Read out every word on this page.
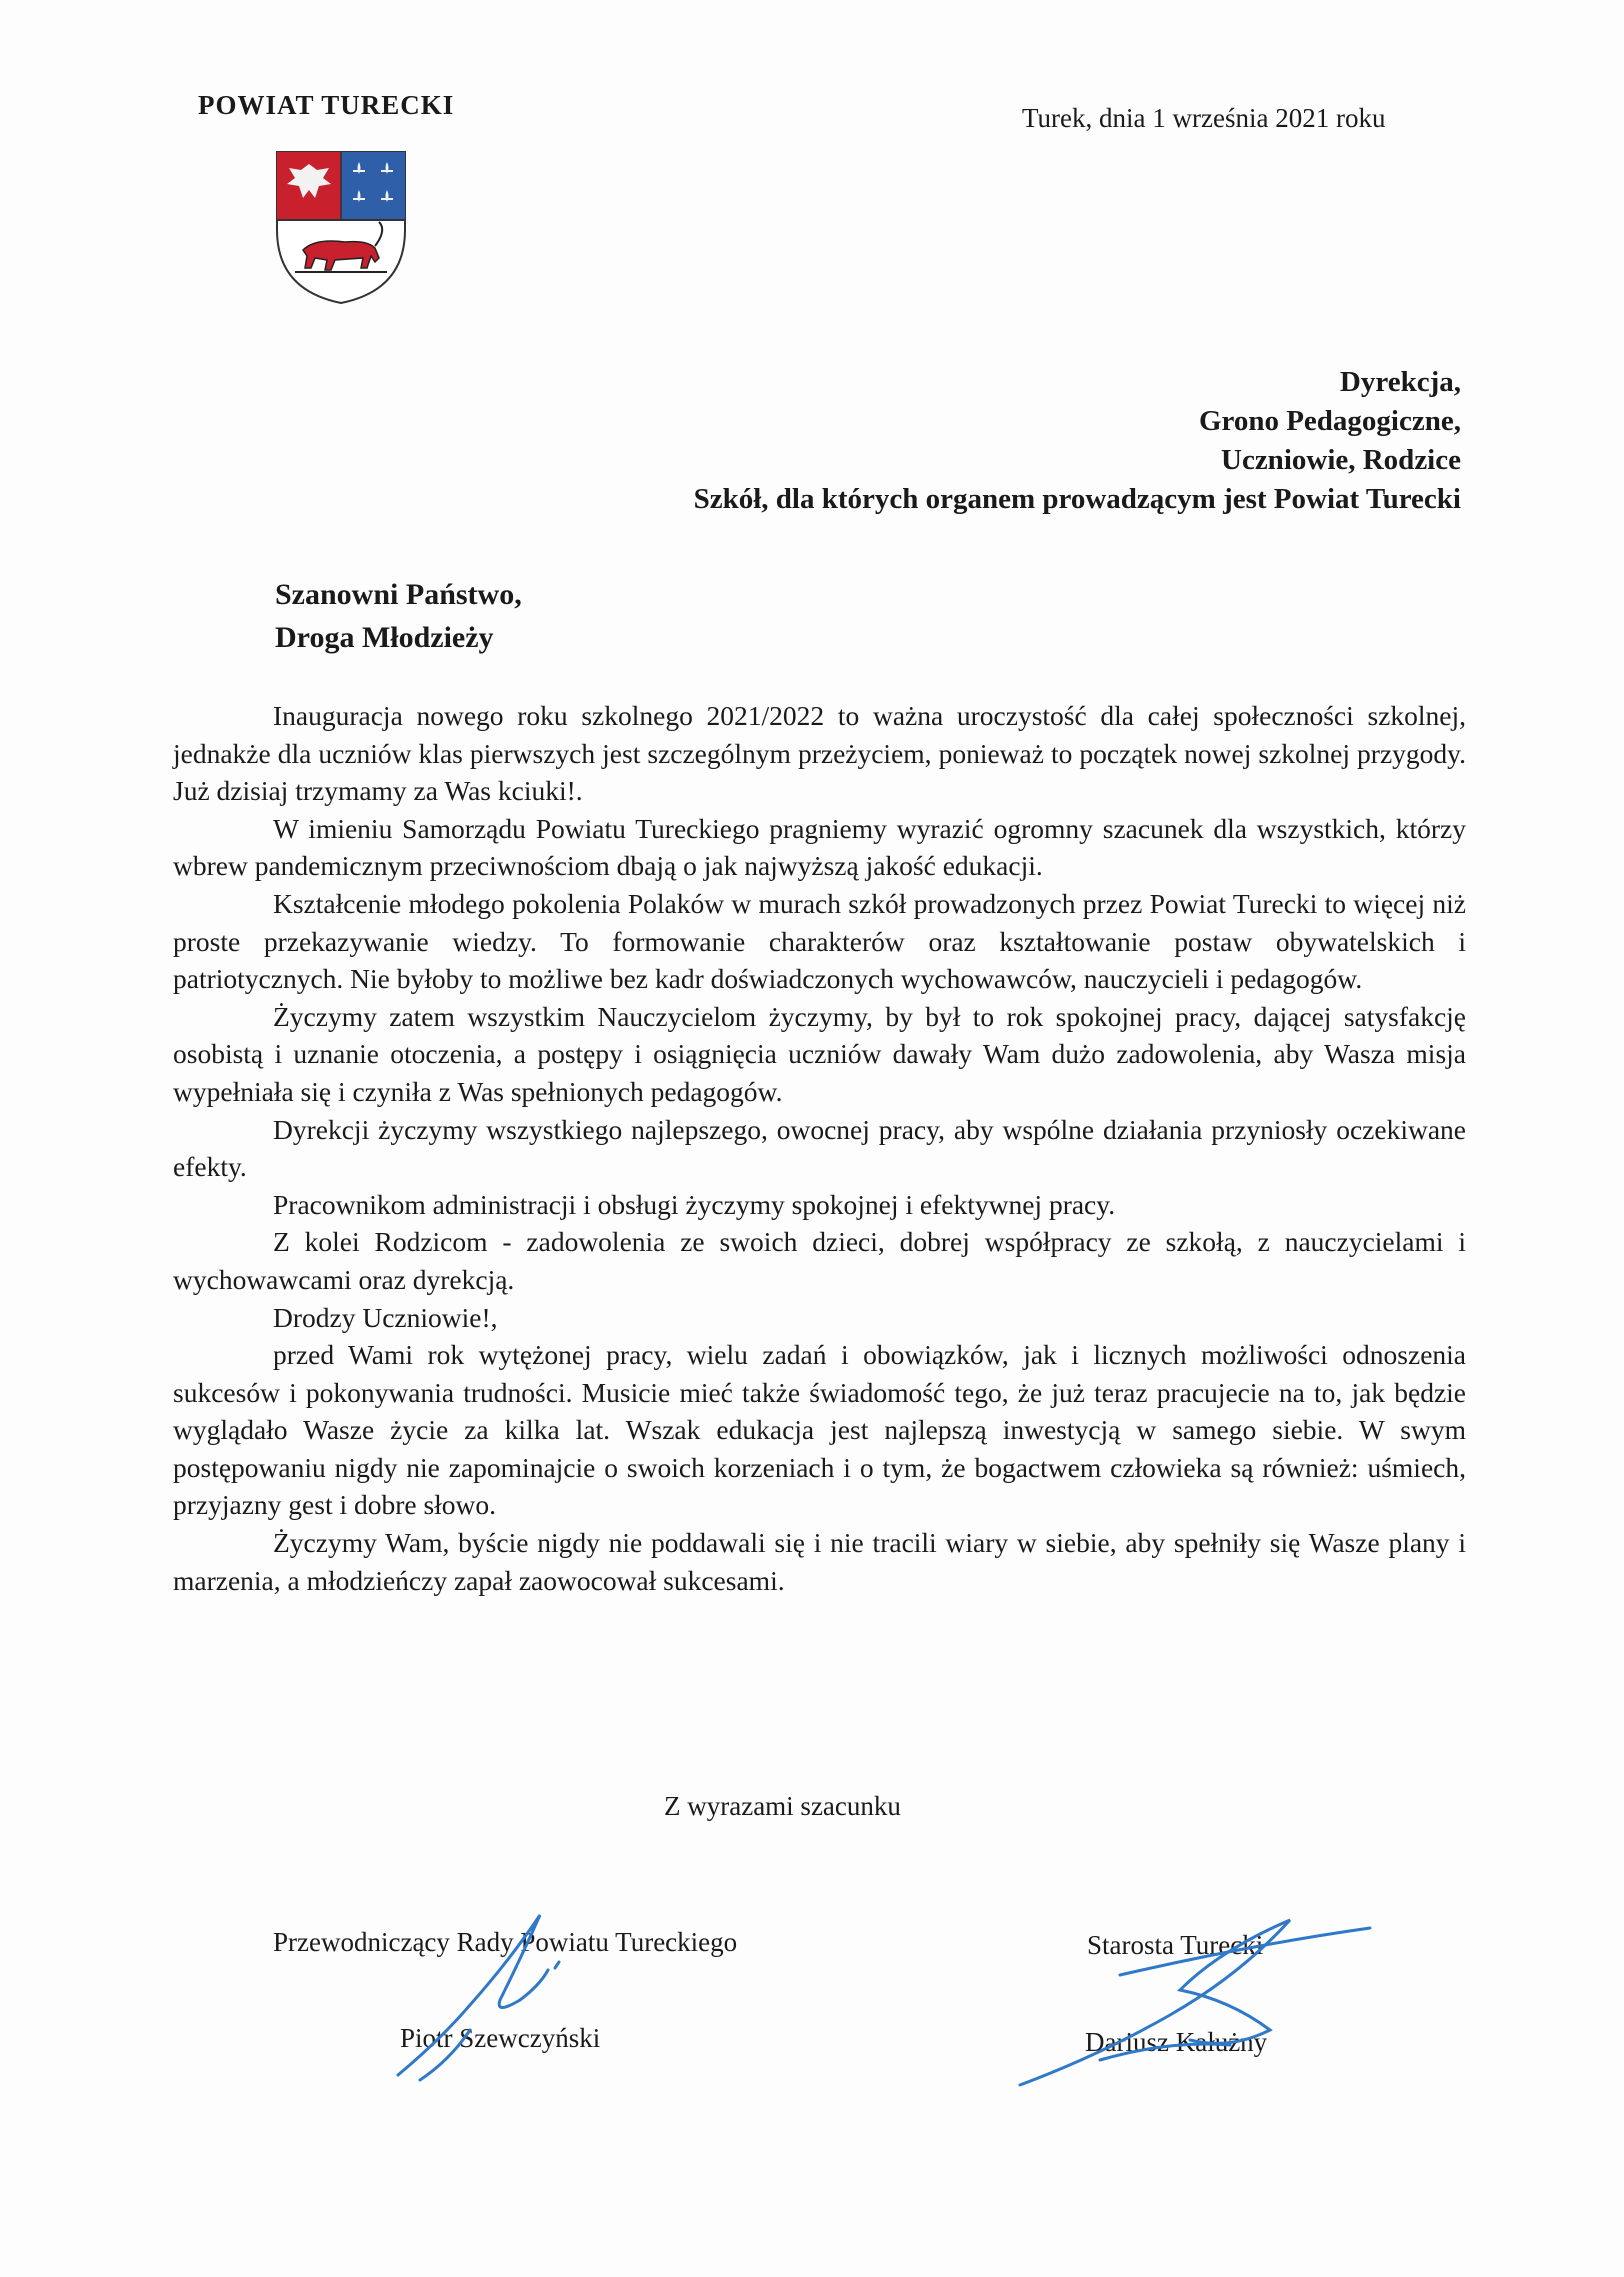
POWIAT TURECKI	Turek, dnia 1 września 2021 roku
Dyrekcja,
Grono Pedagogiczne,
Uczniowie, Rodzice
Szkół, dla których organem prowadzącym jest Powiat Turecki
Szanowni Państwo,
Droga Młodzieży

Inauguracja nowego roku szkolnego 2021/2022 to ważna uroczystość dla całej społeczności szkolnej, jednakże dla uczniów klas pierwszych jest szczególnym przeżyciem, ponieważ to początek nowej szkolnej przygody. Już dzisiaj trzymamy za Was kciuki!.

W imieniu Samorządu Powiatu Tureckiego pragniemy wyrazić ogromny szacunek dla wszystkich, którzy wbrew pandemicznym przeciwnościom dbają o jak najwyższą jakość edukacji.

Kształcenie młodego pokolenia Polaków w murach szkół prowadzonych przez Powiat Turecki to więcej niż proste przekazywanie wiedzy. To formowanie charakterów oraz kształtowanie postaw obywatelskich i patriotycznych. Nie byłoby to możliwe bez kadr doświadczonych wychowawców, nauczycieli i pedagogów.

Życzymy zatem wszystkim Nauczycielom życzymy, by był to rok spokojnej pracy, dającej satysfakcję osobistą i uznanie otoczenia, a postępy i osiągnięcia uczniów dawały Wam dużo zadowolenia, aby Wasza misja wypełniała się i czyniła z Was spełnionych pedagogów.

Dyrekcji życzymy wszystkiego najlepszego, owocnej pracy, aby wspólne działania przyniosły oczekiwane efekty.

Pracownikom administracji i obsługi życzymy spokojnej i efektywnej pracy.

Z kolei Rodzicom - zadowolenia ze swoich dzieci, dobrej współpracy ze szkołą, z nauczycielami i wychowawcami oraz dyrekcją.

Drodzy Uczniowie!,

przed Wami rok wytężonej pracy, wielu zadań i obowiązków, jak i licznych możliwości odnoszenia sukcesów i pokonywania trudności. Musicie mieć także świadomość tego, że już teraz pracujecie na to, jak będzie wyglądało Wasze życie za kilka lat. Wszak edukacja jest najlepszą inwestycją w samego siebie. W swym postępowaniu nigdy nie zapominajcie o swoich korzeniach i o tym, że bogactwem człowieka są również: uśmiech, przyjazny gest i dobre słowo.

Życzymy Wam, byście nigdy nie poddawali się i nie tracili wiary w siebie, aby spełniły się Wasze plany i marzenia, a młodzieńczy zapał zaowocował sukcesami.

Z wyrazami szacunku
Przewodniczący Rady Powiatu Tureckiego
Piotr Szewczyński
Starosta Turecki
Dariusz Kałużny
